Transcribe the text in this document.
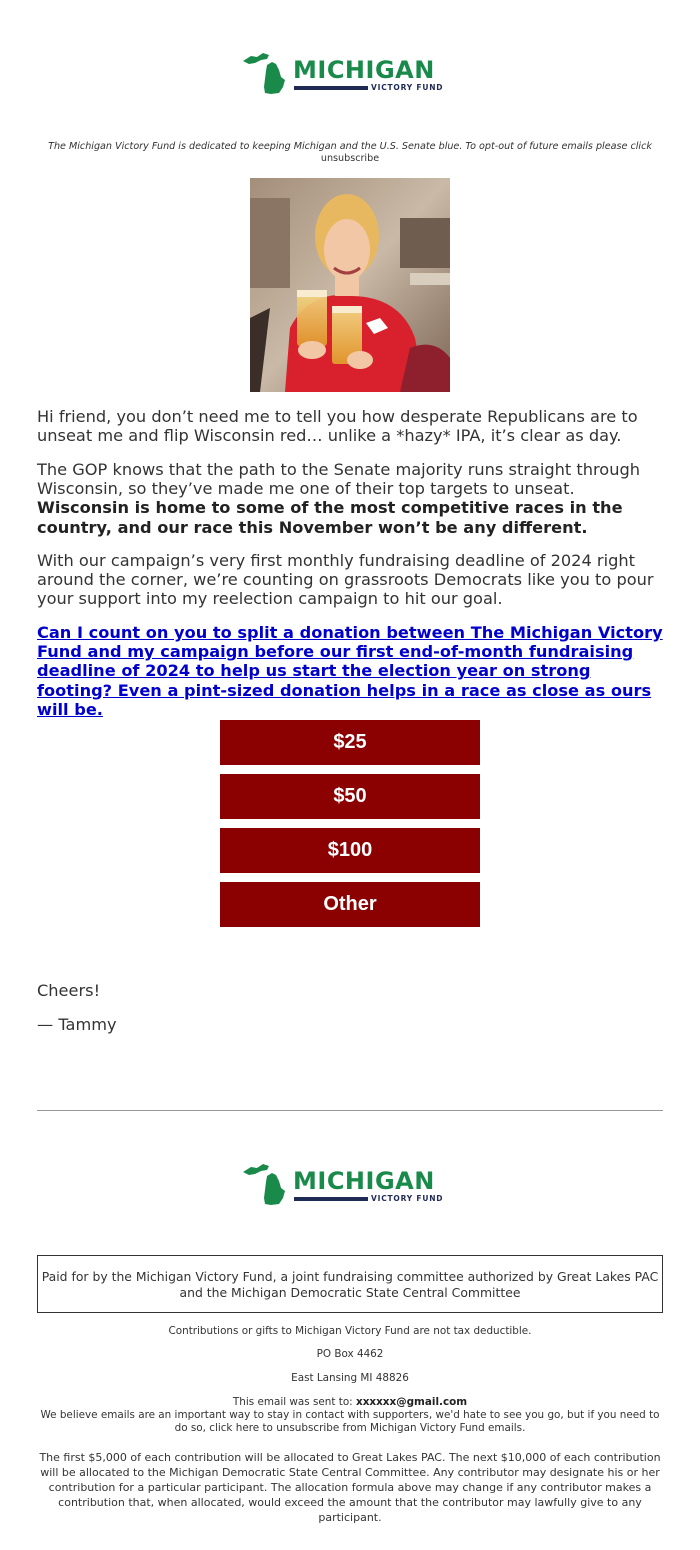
MICHIGAN
VICTORY FUND
The Michigan Victory Fund is dedicated to keeping Michigan and the U.S. Senate blue. To opt-out of future emails please click unsubscribe

Hi friend, you don’t need me to tell you how desperate Republicans are to unseat me and flip Wisconsin red… unlike a *hazy* IPA, it’s clear as day.

The GOP knows that the path to the Senate majority runs straight through Wisconsin, so they’ve made me one of their top targets to unseat. Wisconsin is home to some of the most competitive races in the country, and our race this November won’t be any different.

With our campaign’s very first monthly fundraising deadline of 2024 right around the corner, we’re counting on grassroots Democrats like you to pour your support into my reelection campaign to hit our goal.

Can I count on you to split a donation between The Michigan Victory Fund and my campaign before our first end-of-month fundraising deadline of 2024 to help us start the election year on strong footing? Even a pint-sized donation helps in a race as close as ours will be.
$25
$50
$100
Other

Cheers!

— Tammy

MICHIGAN
VICTORY FUND
Paid for by the Michigan Victory Fund, a joint fundraising committee authorized by Great Lakes PAC and the Michigan Democratic State Central Committee

Contributions or gifts to Michigan Victory Fund are not tax deductible.

PO Box 4462

East Lansing MI 48826

This email was sent to: xxxxxx@gmail.com

We believe emails are an important way to stay in contact with supporters, we'd hate to see you go, but if you need to do so, click here to unsubscribe from Michigan Victory Fund emails.

The first $5,000 of each contribution will be allocated to Great Lakes PAC. The next $10,000 of each contribution will be allocated to the Michigan Democratic State Central Committee. Any contributor may designate his or her contribution for a particular participant. The allocation formula above may change if any contributor makes a contribution that, when allocated, would exceed the amount that the contributor may lawfully give to any participant.
